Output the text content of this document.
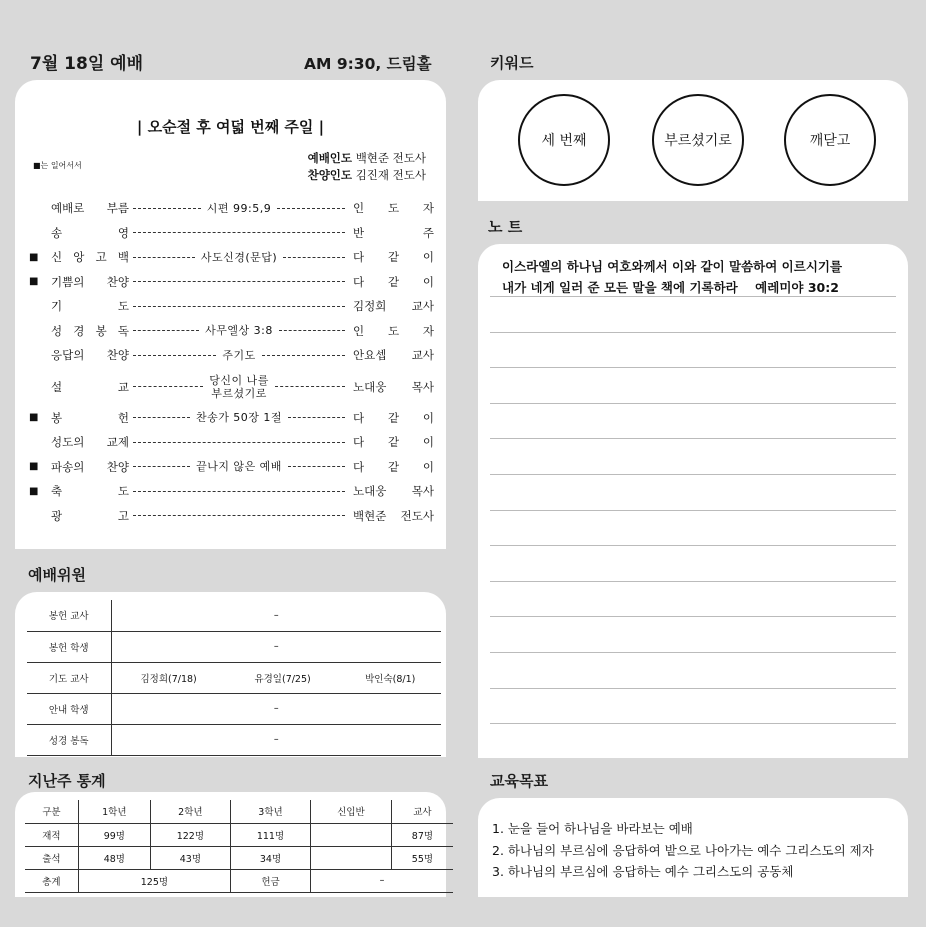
7월 18일 예배	AM 9:30, 드림홀	키워드
| 오순절 후 여덟 번째 주일 |
■는 일어서서
예배인도 백현준 전도사
찬양인도 김진재 전도사
예배로 부름	시편 99:5,9	인 도 자
송 영	반 주
■	신 앙 고 백	사도신경(문답)	다 같 이
■	기쁨의 찬양	다 같 이
기 도	김정희 교사
성 경 봉 독	사무엘상 3:8	인 도 자
응답의 찬양	주기도	안요셉 교사
설 교	당신이 나를
부르셨기로	노대웅 목사
■	봉 헌	찬송가 50장 1절	다 같 이
성도의 교제	다 같 이
■	파송의 찬양	끝나지 않은 예배	다 같 이
■	축 도	노대웅 목사
광 고	백현준 전도사
예배위원
봉헌 교사	–		
봉헌 학생	–		
기도 교사	김정희(7/18)	유경일(7/25)	박인숙(8/1)
안내 학생	–		
성경 봉독	–		
지난주 통계
구분	1학년	2학년	3학년	신입반	교사
재적	99명	122명	111명		87명
출석	48명	43명	34명		55명
총계	125명		헌금	–	
세 번째	부르셨기로	깨닫고
노 트
이스라엘의 하나님 여호와께서 이와 같이 말씀하여 이르시기를
내가 네게 일러 준 모든 말을 책에 기록하라 예레미야 30:2
교육목표
1. 눈을 들어 하나님을 바라보는 예배
2. 하나님의 부르심에 응답하여 밭으로 나아가는 예수 그리스도의 제자
3. 하나님의 부르심에 응답하는 예수 그리스도의 공동체
